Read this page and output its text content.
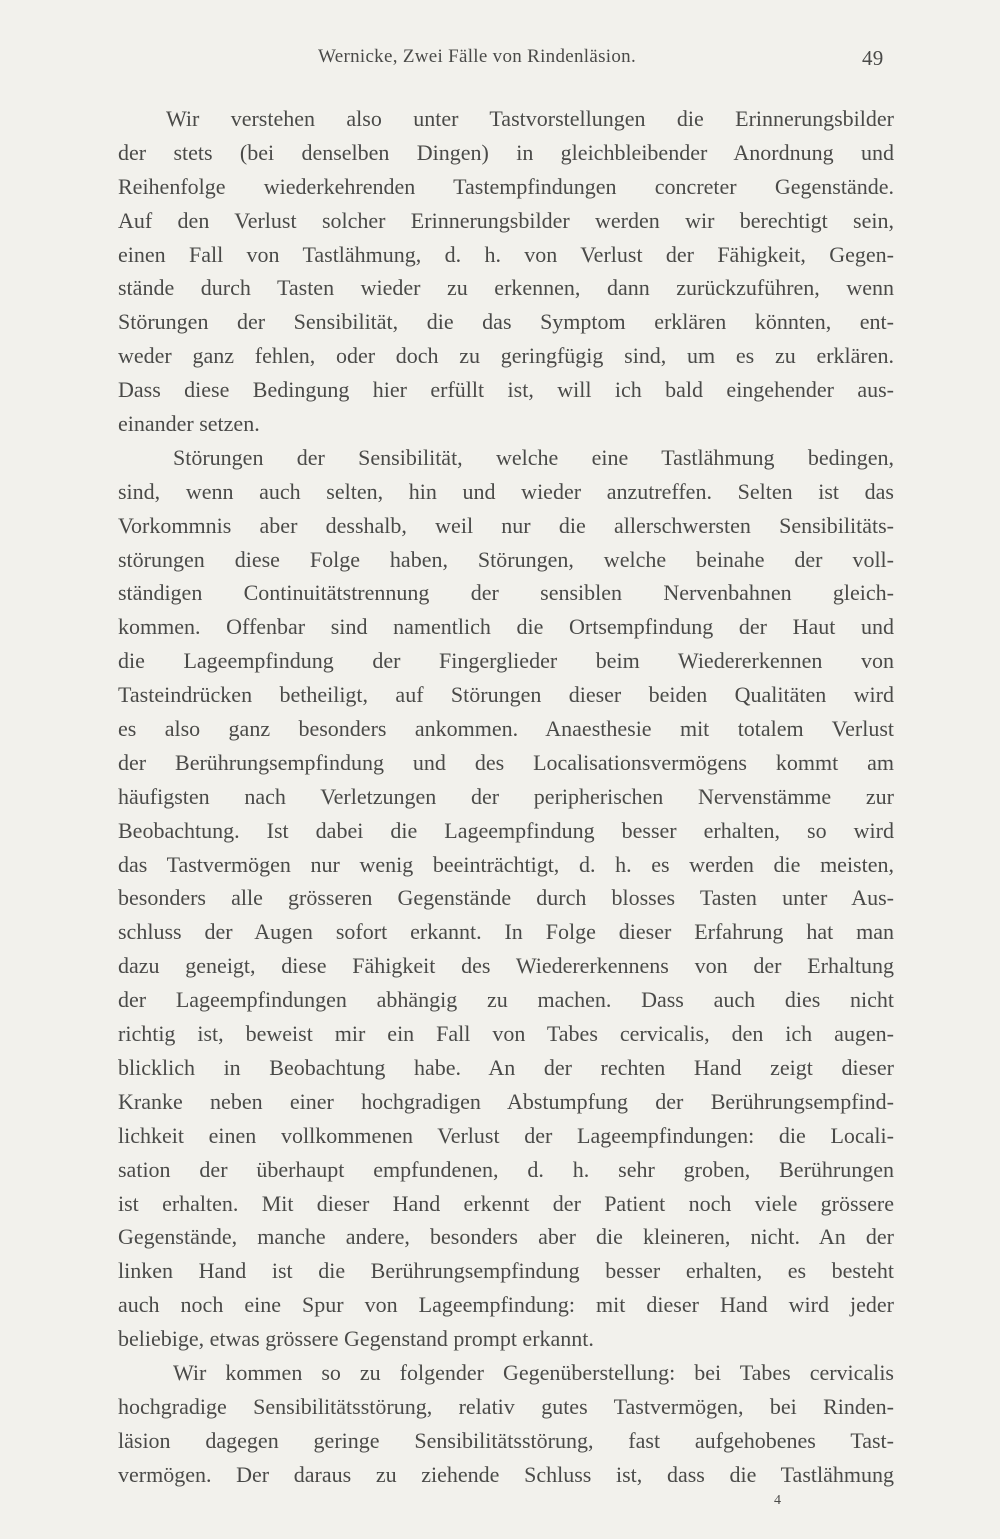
Wernicke, Zwei Fälle von Rindenläsion.	49
Wir verstehen also unter Tastvorstellungen die Erinnerungsbilder
der stets (bei denselben Dingen) in gleichbleibender Anordnung und
Reihenfolge wiederkehrenden Tastempfindungen concreter Gegenstände.
Auf den Verlust solcher Erinnerungsbilder werden wir berechtigt sein,
einen Fall von Tastlähmung, d. h. von Verlust der Fähigkeit, Gegen-
stände durch Tasten wieder zu erkennen, dann zurückzuführen, wenn
Störungen der Sensibilität, die das Symptom erklären könnten, ent-
weder ganz fehlen, oder doch zu geringfügig sind, um es zu erklären.
Dass diese Bedingung hier erfüllt ist, will ich bald eingehender aus-
einander setzen.
Störungen der Sensibilität, welche eine Tastlähmung bedingen,
sind, wenn auch selten, hin und wieder anzutreffen. Selten ist das
Vorkommnis aber desshalb, weil nur die allerschwersten Sensibilitäts-
störungen diese Folge haben, Störungen, welche beinahe der voll-
ständigen Continuitätstrennung der sensiblen Nervenbahnen gleich-
kommen. Offenbar sind namentlich die Ortsempfindung der Haut und
die Lageempfindung der Fingerglieder beim Wiedererkennen von
Tasteindrücken betheiligt, auf Störungen dieser beiden Qualitäten wird
es also ganz besonders ankommen. Anaesthesie mit totalem Verlust
der Berührungsempfindung und des Localisationsvermögens kommt am
häufigsten nach Verletzungen der peripherischen Nervenstämme zur
Beobachtung. Ist dabei die Lageempfindung besser erhalten, so wird
das Tastvermögen nur wenig beeinträchtigt, d. h. es werden die meisten,
besonders alle grösseren Gegenstände durch blosses Tasten unter Aus-
schluss der Augen sofort erkannt. In Folge dieser Erfahrung hat man
dazu geneigt, diese Fähigkeit des Wiedererkennens von der Erhaltung
der Lageempfindungen abhängig zu machen. Dass auch dies nicht
richtig ist, beweist mir ein Fall von Tabes cervicalis, den ich augen-
blicklich in Beobachtung habe. An der rechten Hand zeigt dieser
Kranke neben einer hochgradigen Abstumpfung der Berührungsempfind-
lichkeit einen vollkommenen Verlust der Lageempfindungen: die Locali-
sation der überhaupt empfundenen, d. h. sehr groben, Berührungen
ist erhalten. Mit dieser Hand erkennt der Patient noch viele grössere
Gegenstände, manche andere, besonders aber die kleineren, nicht. An der
linken Hand ist die Berührungsempfindung besser erhalten, es besteht
auch noch eine Spur von Lageempfindung: mit dieser Hand wird jeder
beliebige, etwas grössere Gegenstand prompt erkannt.
Wir kommen so zu folgender Gegenüberstellung: bei Tabes cervicalis
hochgradige Sensibilitätsstörung, relativ gutes Tastvermögen, bei Rinden-
läsion dagegen geringe Sensibilitätsstörung, fast aufgehobenes Tast-
vermögen. Der daraus zu ziehende Schluss ist, dass die Tastlähmung
4
